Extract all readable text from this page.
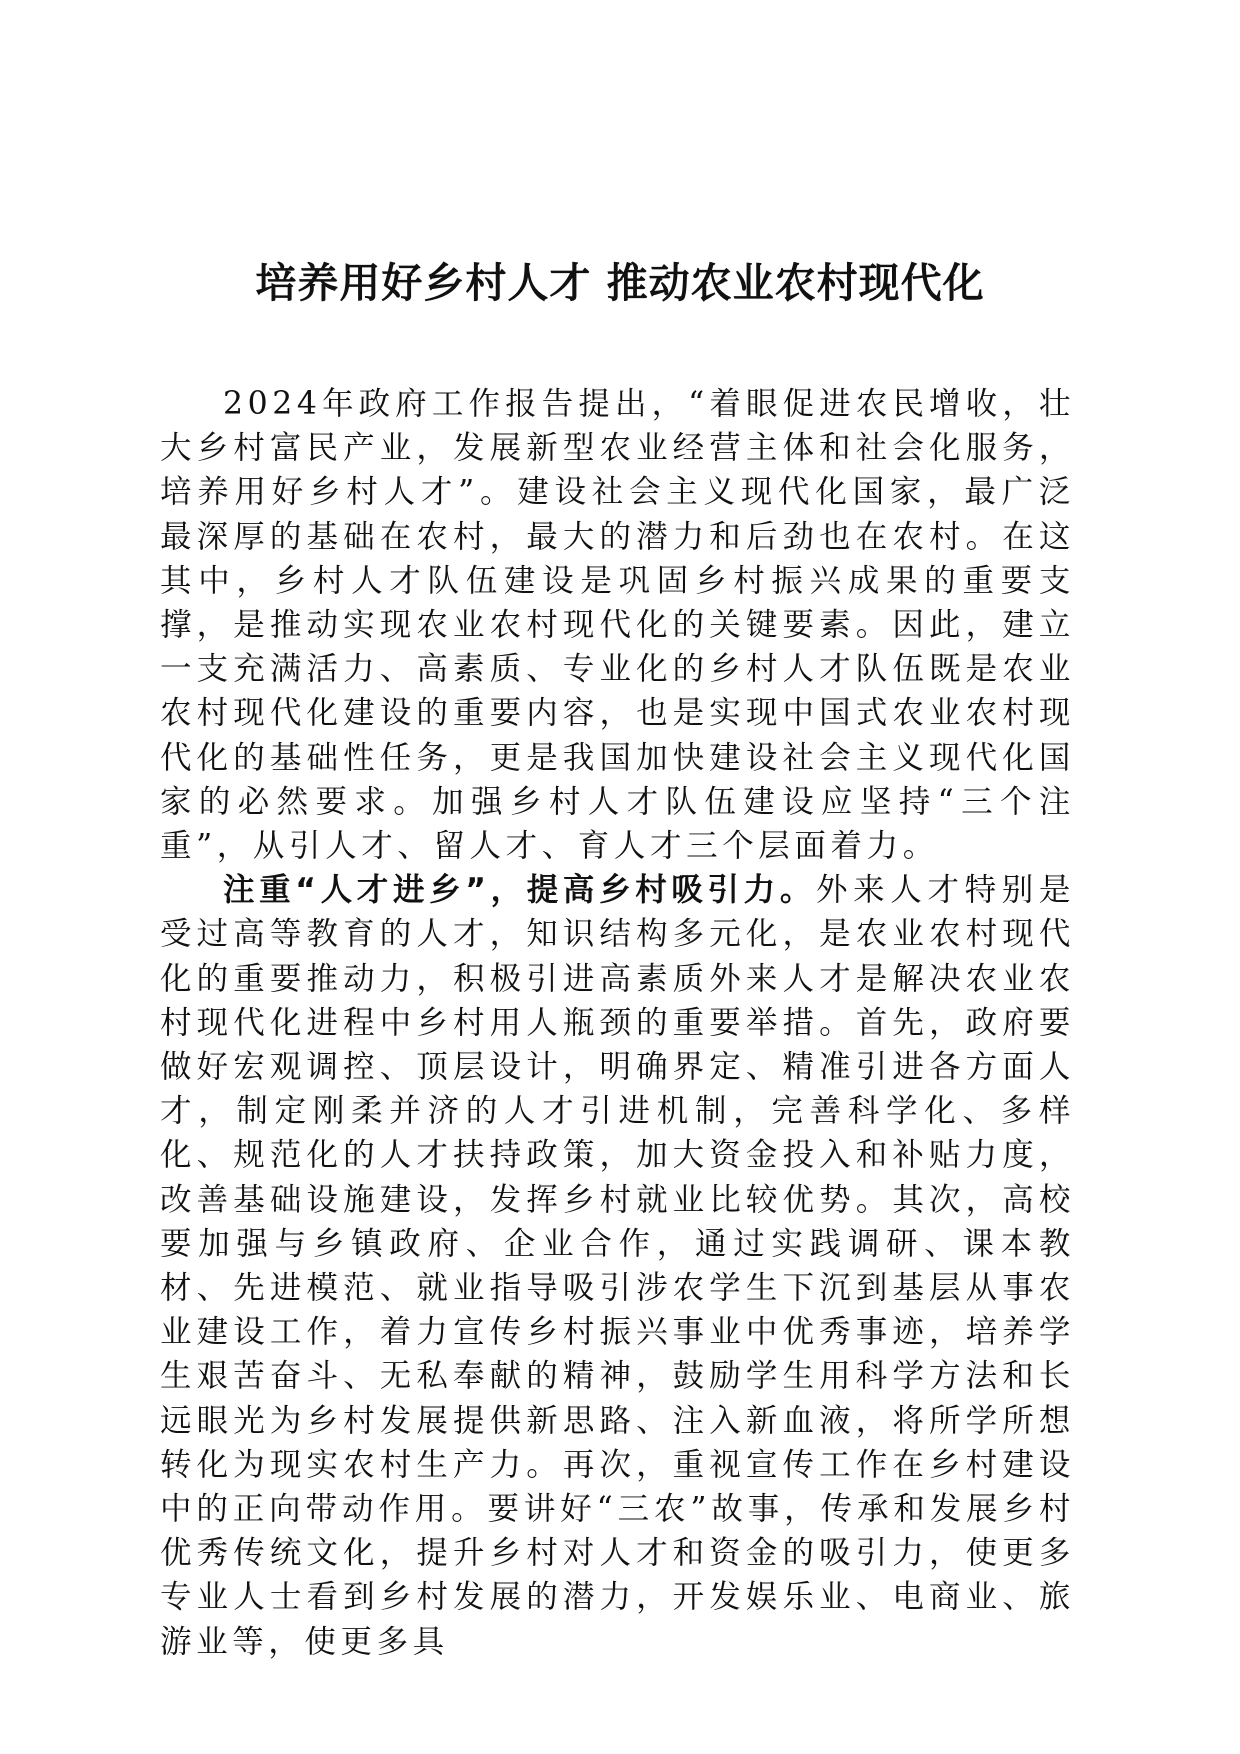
培养用好乡村人才 推动农业农村现代化

2024年政府工作报告提出，“着眼促进农民增收，壮大乡村富民产业，发展新型农业经营主体和社会化服务，培养用好乡村人才”。建设社会主义现代化国家，最广泛最深厚的基础在农村，最大的潜力和后劲也在农村。在这其中，乡村人才队伍建设是巩固乡村振兴成果的重要支撑，是推动实现农业农村现代化的关键要素。因此，建立一支充满活力、高素质、专业化的乡村人才队伍既是农业农村现代化建设的重要内容，也是实现中国式农业农村现代化的基础性任务，更是我国加快建设社会主义现代化国家的必然要求。加强乡村人才队伍建设应坚持“三个注重”，从引人才、留人才、育人才三个层面着力。

注重“人才进乡”，提高乡村吸引力。外来人才特别是受过高等教育的人才，知识结构多元化，是农业农村现代化的重要推动力，积极引进高素质外来人才是解决农业农村现代化进程中乡村用人瓶颈的重要举措。首先，政府要做好宏观调控、顶层设计，明确界定、精准引进各方面人才，制定刚柔并济的人才引进机制，完善科学化、多样化、规范化的人才扶持政策，加大资金投入和补贴力度，改善基础设施建设，发挥乡村就业比较优势。其次，高校要加强与乡镇政府、企业合作，通过实践调研、课本教材、先进模范、就业指导吸引涉农学生下沉到基层从事农业建设工作，着力宣传乡村振兴事业中优秀事迹，培养学生艰苦奋斗、无私奉献的精神，鼓励学生用科学方法和长远眼光为乡村发展提供新思路、注入新血液，将所学所想转化为现实农村生产力。再次，重视宣传工作在乡村建设中的正向带动作用。要讲好“三农”故事，传承和发展乡村优秀传统文化，提升乡村对人才和资金的吸引力，使更多专业人士看到乡村发展的潜力，开发娱乐业、电商业、旅游业等，使更多具
